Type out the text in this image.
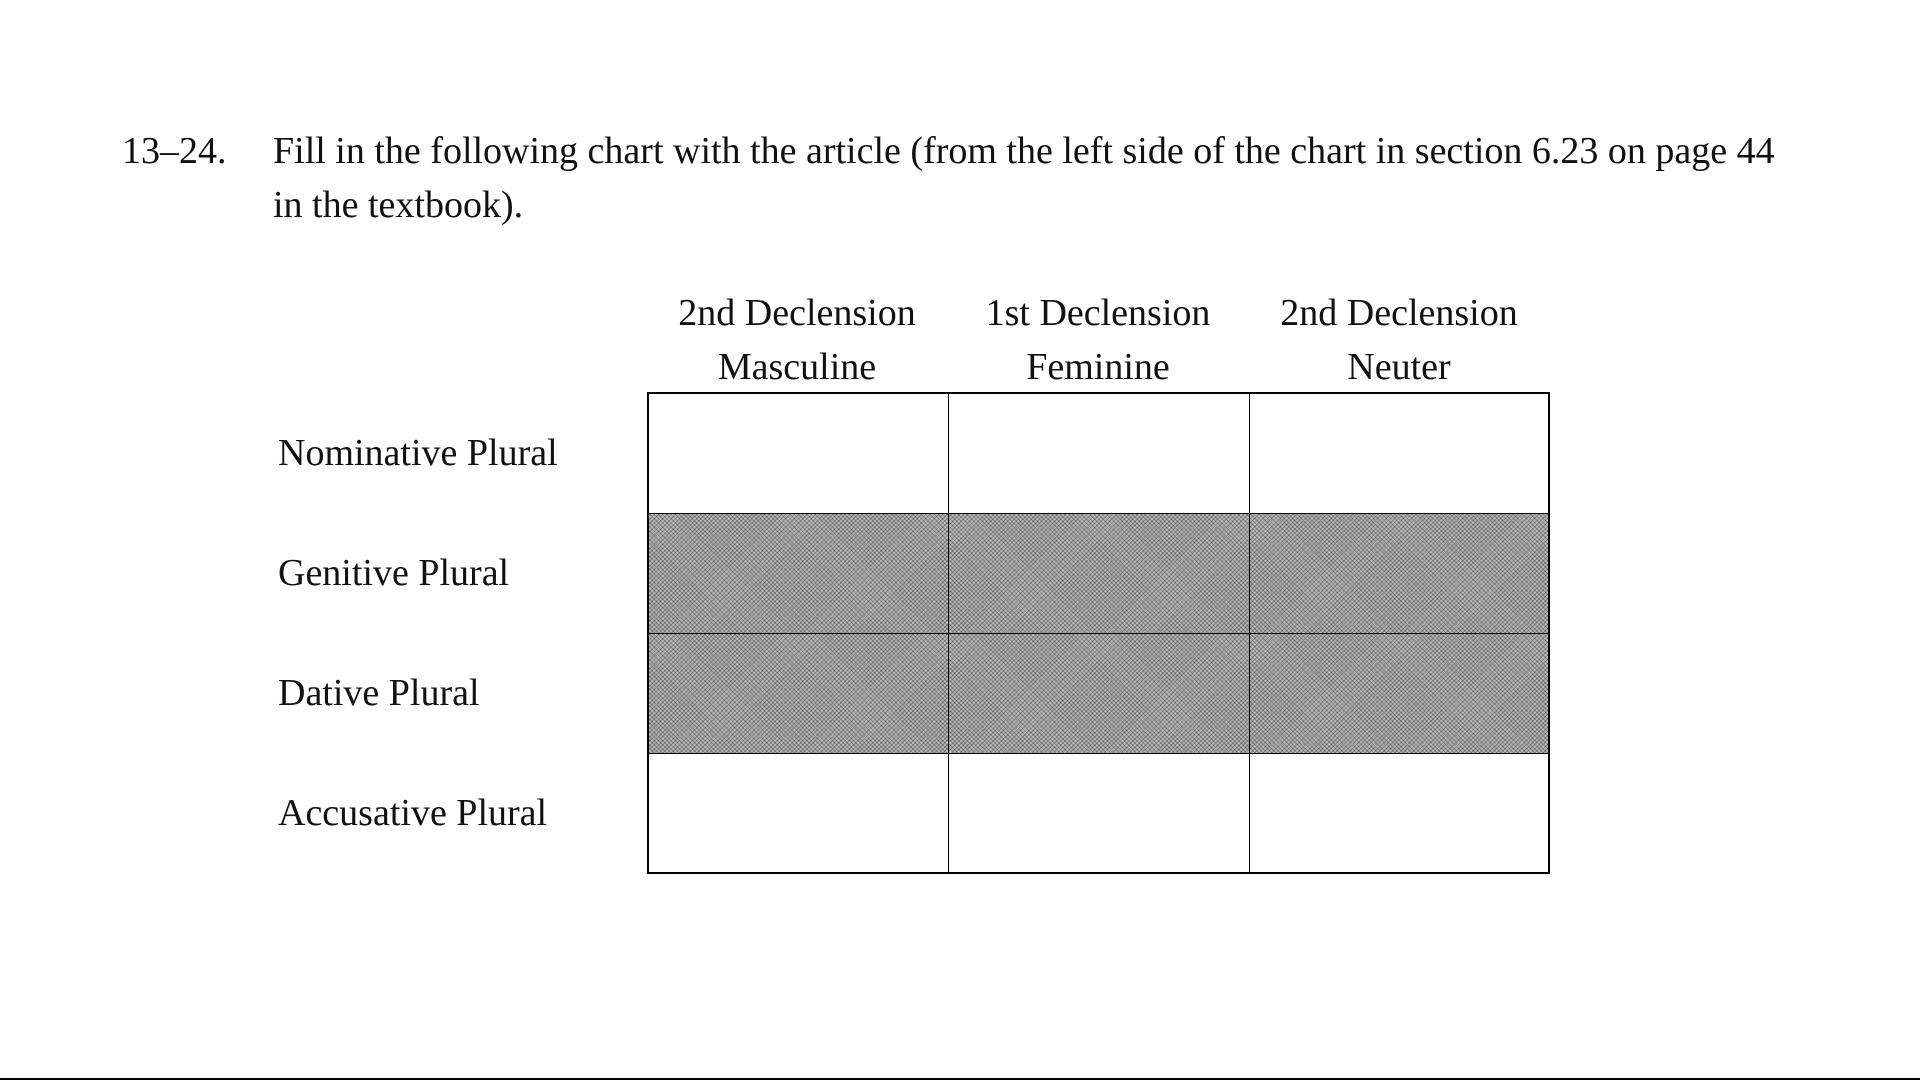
13–24. Fill in the following chart with the article (from the left side of the chart in section 6.23 on page 44 in the textbook).
2nd Declension
Masculine
1st Declension
Feminine
2nd Declension
Neuter
Nominative Plural
Genitive Plural
Dative Plural
Accusative Plural
